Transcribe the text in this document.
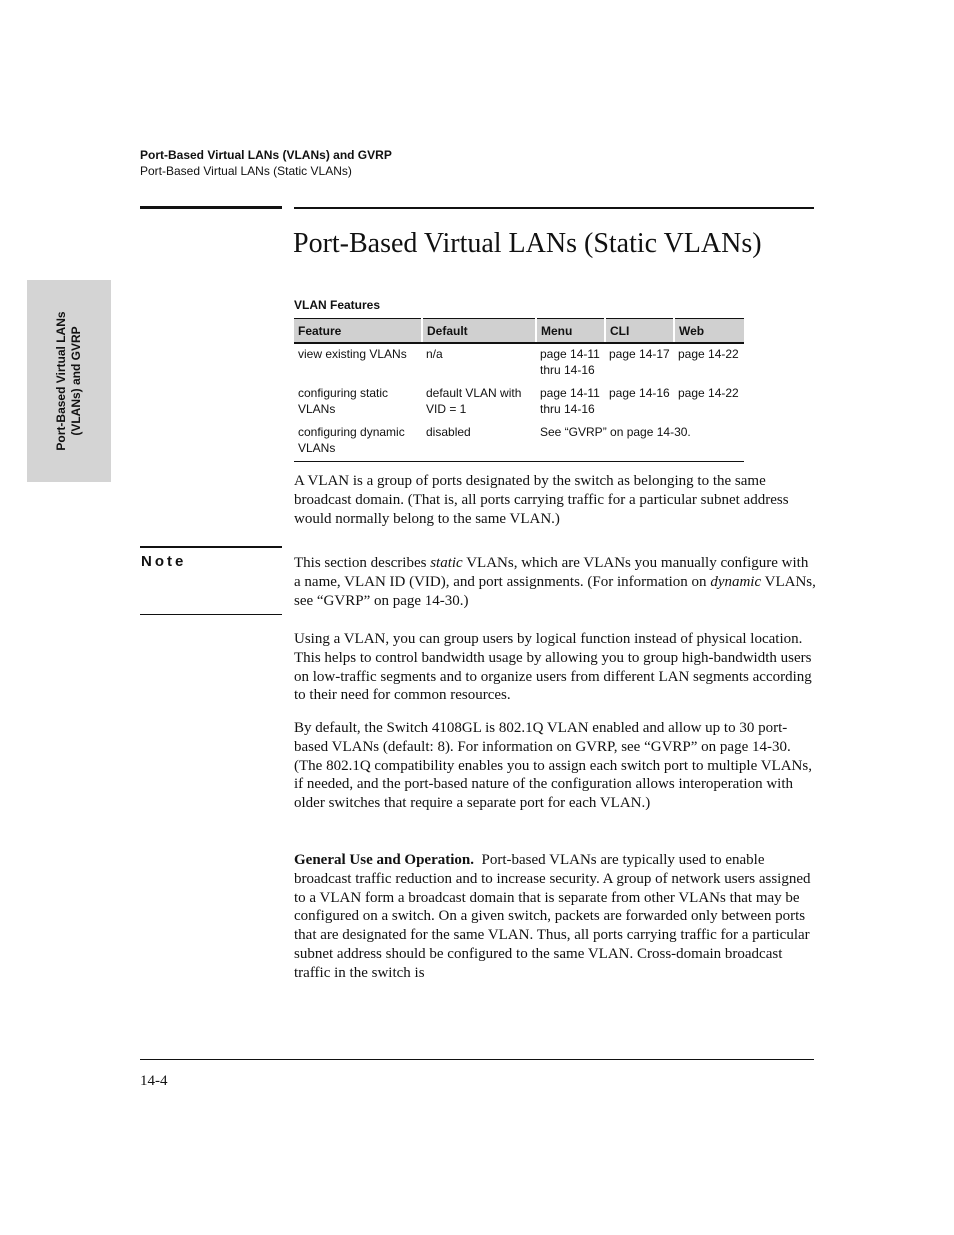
Port-Based Virtual LANs (VLANs) and GVRP
Port-Based Virtual LANs (Static VLANs)
Port-Based Virtual LANs (VLANs) and GVRP
Port-Based Virtual LANs (Static VLANs)
VLAN Features
Feature	Default	Menu	CLI	Web
view existing VLANs	n/a	page 14-11 thru 14-16	page 14-17	page 14-22
configuring static VLANs	default VLAN with VID = 1	page 14-11 thru 14-16	page 14-16	page 14-22
configuring dynamic VLANs	disabled	See “GVRP” on page 14-30.		

A VLAN is a group of ports designated by the switch as belonging to the same broadcast domain. (That is, all ports carrying traffic for a particular subnet address would normally belong to the same VLAN.)

Note	This section describes static VLANs, which are VLANs you manually configure with a name, VLAN ID (VID), and port assignments. (For information on dynamic VLANs, see “GVRP” on page 14-30.)

Using a VLAN, you can group users by logical function instead of physical location. This helps to control bandwidth usage by allowing you to group high-bandwidth users on low-traffic segments and to organize users from different LAN segments according to their need for common resources.

By default, the Switch 4108GL is 802.1Q VLAN enabled and allow up to 30 port-based VLANs (default: 8). For information on GVRP, see “GVRP” on page 14-30. (The 802.1Q compatibility enables you to assign each switch port to multiple VLANs, if needed, and the port-based nature of the configuration allows interoperation with older switches that require a separate port for each VLAN.)

General Use and Operation. Port-based VLANs are typically used to enable broadcast traffic reduction and to increase security. A group of network users assigned to a VLAN form a broadcast domain that is separate from other VLANs that may be configured on a switch. On a given switch, packets are forwarded only between ports that are designated for the same VLAN. Thus, all ports carrying traffic for a particular subnet address should be configured to the same VLAN. Cross-domain broadcast traffic in the switch is

14-4
